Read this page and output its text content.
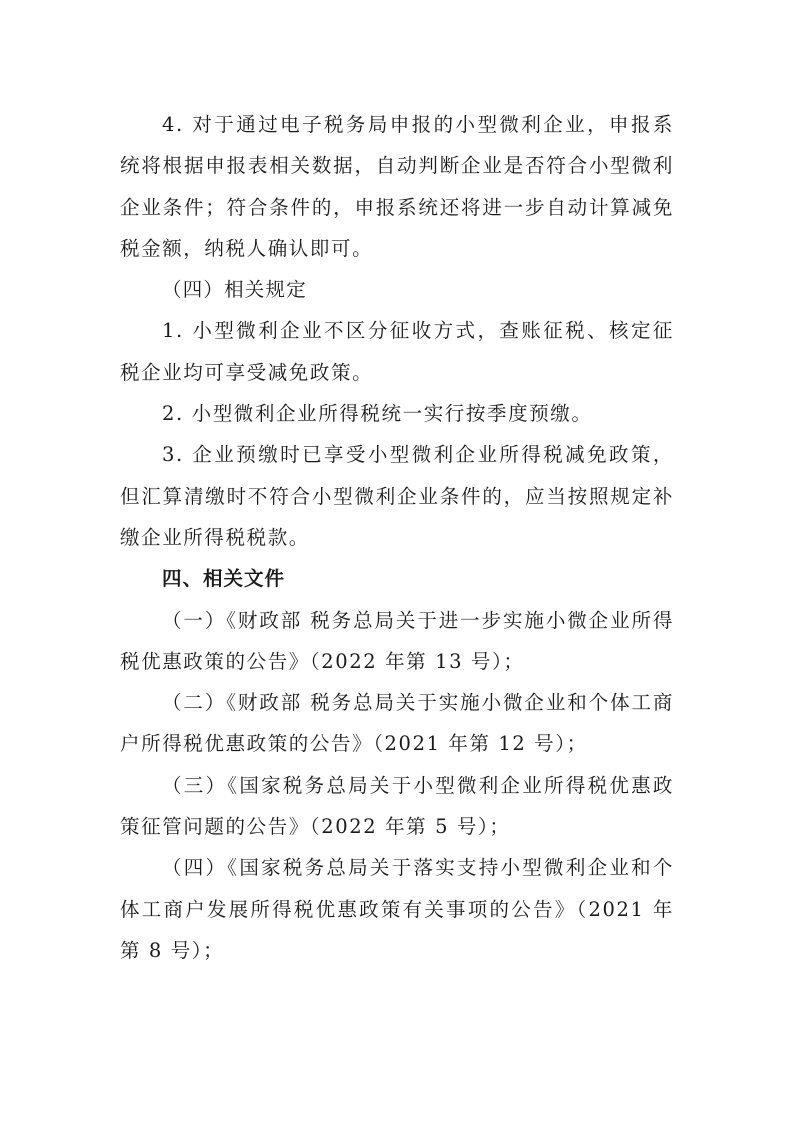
4. 对于通过电子税务局申报的小型微利企业，申报系统将根据申报表相关数据，自动判断企业是否符合小型微利企业条件；符合条件的，申报系统还将进一步自动计算减免税金额，纳税人确认即可。

（四）相关规定

1. 小型微利企业不区分征收方式，查账征税、核定征税企业均可享受减免政策。

2. 小型微利企业所得税统一实行按季度预缴。

3. 企业预缴时已享受小型微利企业所得税减免政策，但汇算清缴时不符合小型微利企业条件的，应当按照规定补缴企业所得税税款。

四、相关文件

（一）《财政部 税务总局关于进一步实施小微企业所得税优惠政策的公告》（2022 年第 13 号）；

（二）《财政部 税务总局关于实施小微企业和个体工商户所得税优惠政策的公告》（2021 年第 12 号）；

（三）《国家税务总局关于小型微利企业所得税优惠政策征管问题的公告》（2022 年第 5 号）；

（四）《国家税务总局关于落实支持小型微利企业和个体工商户发展所得税优惠政策有关事项的公告》（2021 年第 8 号）；
